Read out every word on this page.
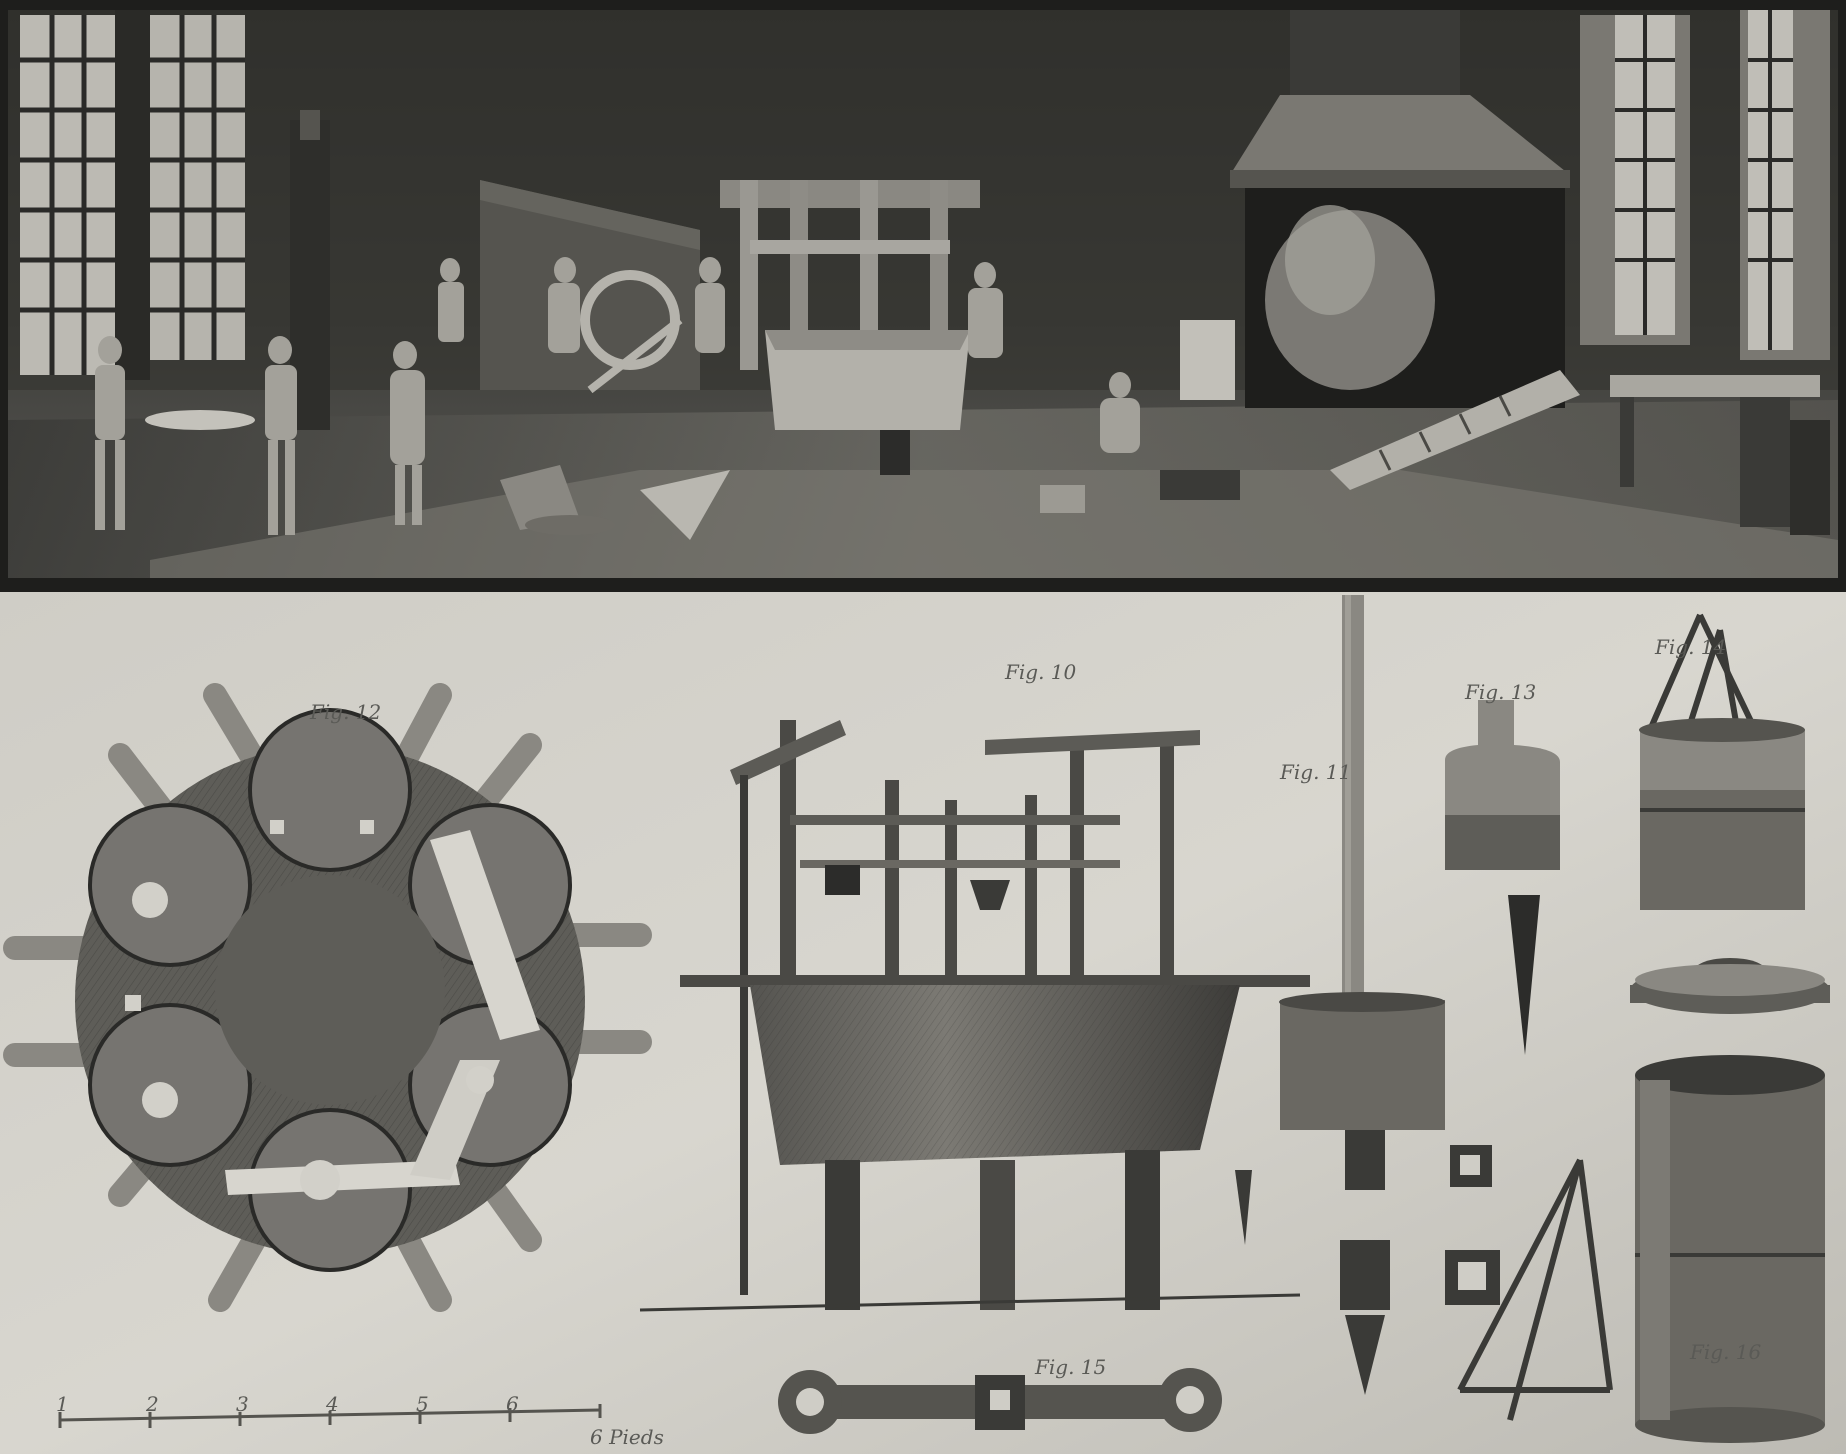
Fig. 12
Fig. 10
Fig. 11
Fig. 13
Fig. 14
Fig. 15
Fig. 16
6 Pieds
1	2	3	4	5	6
